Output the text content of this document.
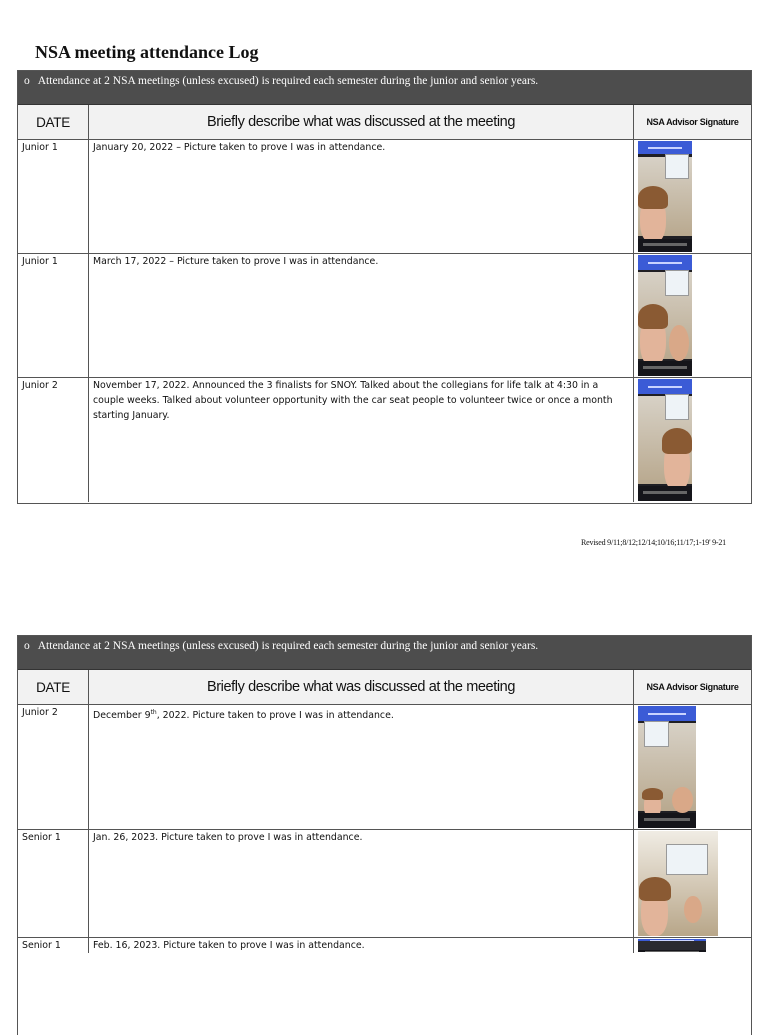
NSA meeting attendance Log
o Attendance at 2 NSA meetings (unless excused) is required each semester during the junior and senior years.
DATE	Briefly describe what was discussed at the meeting	NSA Advisor Signature
Junior 1	January 20, 2022 – Picture taken to prove I was in attendance.
Junior 1	March 17, 2022 – Picture taken to prove I was in attendance.
Junior 2	November 17, 2022. Announced the 3 finalists for SNOY. Talked about the collegians for life talk at 4:30 in a couple weeks. Talked about volunteer opportunity with the car seat people to volunteer twice or once a month starting January.
Revised 9/11;8/12;12/14;10/16;11/17;1-19' 9-21
o Attendance at 2 NSA meetings (unless excused) is required each semester during the junior and senior years.
DATE	Briefly describe what was discussed at the meeting	NSA Advisor Signature
Junior 2	December 9th, 2022. Picture taken to prove I was in attendance.
Senior 1	Jan. 26, 2023. Picture taken to prove I was in attendance.
Senior 1	Feb. 16, 2023. Picture taken to prove I was in attendance.
